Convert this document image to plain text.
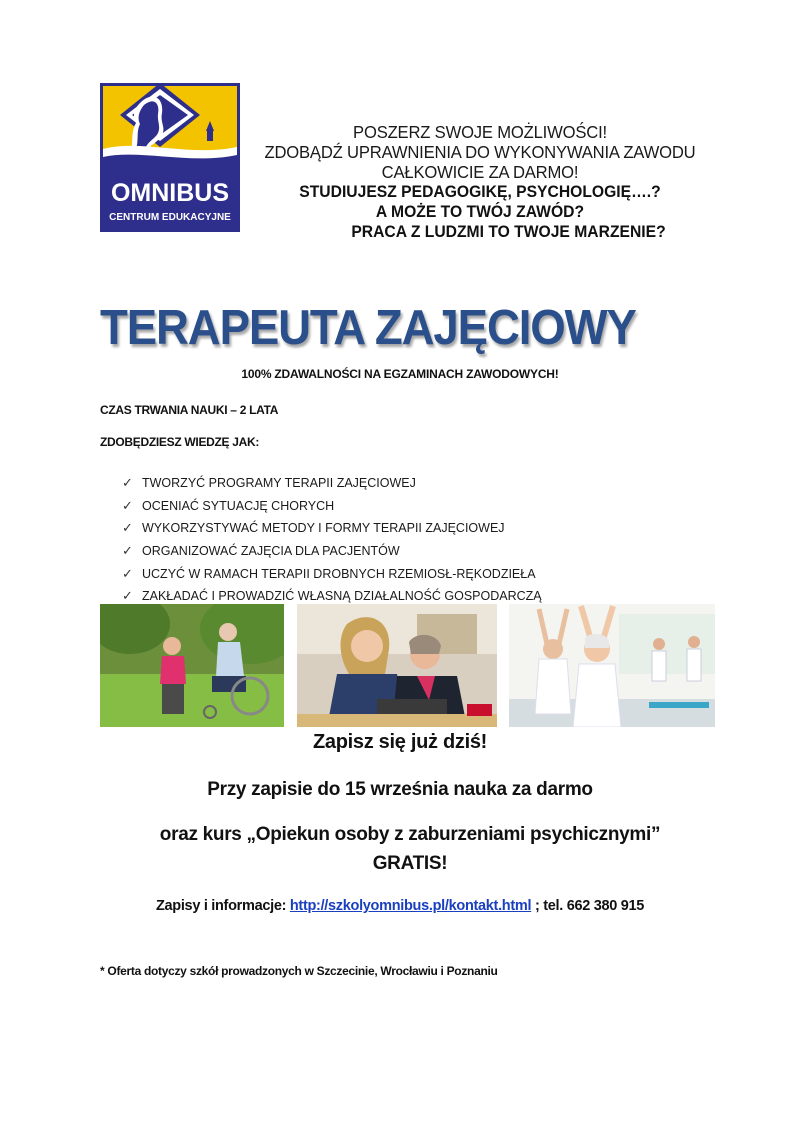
OMNIBUS
CENTRUM EDUKACYJNE
POSZERZ SWOJE MOŻLIWOŚCI!
ZDOBĄDŹ UPRAWNIENIA DO WYKONYWANIA ZAWODU
CAŁKOWICIE ZA DARMO!
STUDIUJESZ PEDAGOGIKĘ, PSYCHOLOGIĘ….?
A MOŻE TO TWÓJ ZAWÓD?
PRACA Z LUDZMI TO TWOJE MARZENIE?
TERAPEUTA ZAJĘCIOWY
100% ZDAWALNOŚCI NA EGZAMINACH ZAWODOWYCH!
CZAS TRWANIA NAUKI – 2 LATA
ZDOBĘDZIESZ WIEDZĘ JAK:
✓ TWORZYĆ PROGRAMY TERAPII ZAJĘCIOWEJ
✓ OCENIAĆ SYTUACJĘ CHORYCH
✓ WYKORZYSTYWAĆ METODY I FORMY TERAPII ZAJĘCIOWEJ
✓ ORGANIZOWAĆ ZAJĘCIA DLA PACJENTÓW
✓ UCZYĆ W RAMACH TERAPII DROBNYCH RZEMIOSŁ-RĘKODZIEŁA
✓ ZAKŁADAĆ I PROWADZIĆ WŁASNĄ DZIAŁALNOŚĆ GOSPODARCZĄ
Zapisz się już dziś!
Przy zapisie do 15 września nauka za darmo
oraz kurs „Opiekun osoby z zaburzeniami psychicznymi”
GRATIS!
Zapisy i informacje: http://szkolyomnibus.pl/kontakt.html ; tel. 662 380 915
* Oferta dotyczy szkół prowadzonych w Szczecinie, Wrocławiu i Poznaniu
